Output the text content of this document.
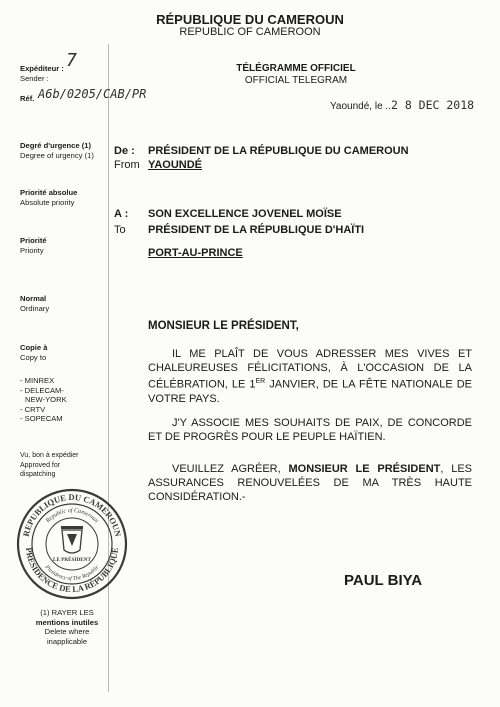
RÉPUBLIQUE DU CAMEROUN
REPUBLIC OF CAMEROON
Expéditeur : 7
Sender :
Réf. A6b/0205/CAB/PR
Degré d'urgence (1)
Degree of urgency (1)
Priorité absolue
Absolute priority
Priorité
Priority
Normal
Ordinary
Copie à
Copy to
- MINREX
- DELECAM-
NEW-YORK
- CRTV
- SOPECAM
Vu, bon à expédier
Approved for
dispatching
REPUBLIQUE DU CAMEROUN
PRÉSIDENCE DE LA RÉPUBLIQUE
Republic of Cameroun
Presidency of The Republic
LE PRÉSIDENT
(1) RAYER LES
mentions inutiles
Delete where
inapplicable
TÉLÉGRAMME OFFICIEL
OFFICIAL TELEGRAM
Yaoundé, le ..2 8 DEC 2018
De :
From
PRÉSIDENT DE LA RÉPUBLIQUE DU CAMEROUN
YAOUNDÉ
A :
To
SON EXCELLENCE JOVENEL MOÏSE
PRÉSIDENT DE LA RÉPUBLIQUE D'HAÏTI
PORT-AU-PRINCE
MONSIEUR LE PRÉSIDENT,

IL ME PLAÎT DE VOUS ADRESSER MES VIVES ET CHALEUREUSES FÉLICITATIONS, À L'OCCASION DE LA CÉLÉBRATION, LE 1ER JANVIER, DE LA FÊTE NATIONALE DE VOTRE PAYS.

J'Y ASSOCIE MES SOUHAITS DE PAIX, DE CONCORDE ET DE PROGRÈS POUR LE PEUPLE HAÏTIEN.

VEUILLEZ AGRÉER, MONSIEUR LE PRÉSIDENT, LES ASSURANCES RENOUVELÉES DE MA TRÈS HAUTE CONSIDÉRATION.-

PAUL BIYA
